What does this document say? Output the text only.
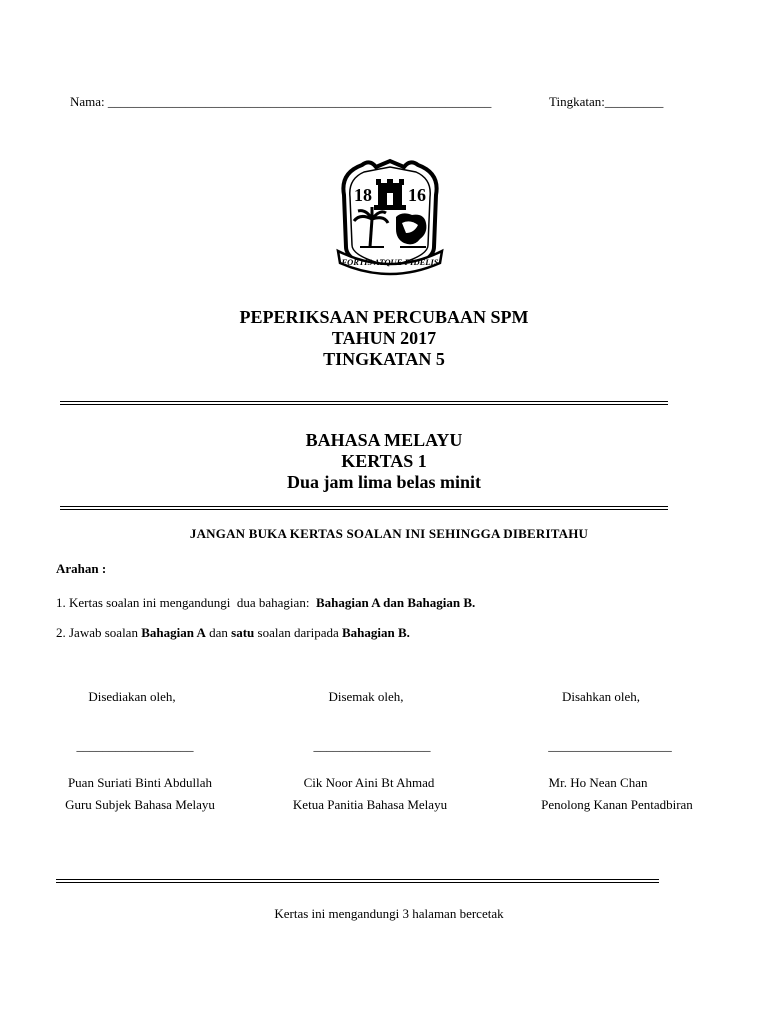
Nama: ___________________________________________________________	Tingkatan:_________
18 16
FORTIS ATQUE FIDELIS
PEPERIKSAAN PERCUBAAN SPM
TAHUN 2017
TINGKATAN 5
BAHASA MELAYU
KERTAS 1
Dua jam lima belas minit
JANGAN BUKA KERTAS SOALAN INI SEHINGGA DIBERITAHU
Arahan :
1. Kertas soalan ini mengandungi  dua bahagian:  Bahagian A dan Bahagian B.
2. Jawab soalan Bahagian A dan satu soalan daripada Bahagian B.
Disediakan oleh,
__________________
Puan Suriati Binti Abdullah
Guru Subjek Bahasa Melayu
Disemak oleh,
__________________
Cik Noor Aini Bt Ahmad
Ketua Panitia Bahasa Melayu
Disahkan oleh,
___________________
Mr. Ho Nean Chan
Penolong Kanan Pentadbiran
Kertas ini mengandungi 3 halaman bercetak
